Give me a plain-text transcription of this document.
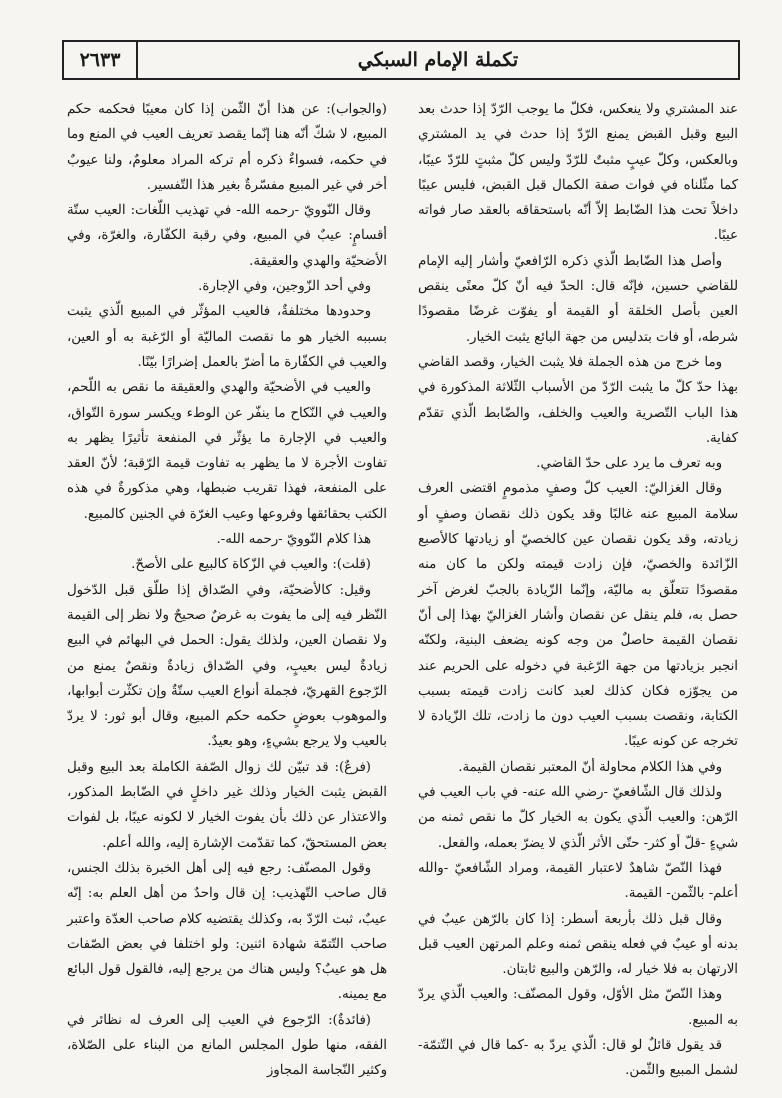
٢٦٣٣	تكملة الإمام السبكي

عند المشتري ولا ينعكس، فكلّ ما يوجب الرّدّ إذا حدث بعد البيع وقبل القبض يمنع الرّدّ إذا حدث في يد المشتري وبالعكس، وكلّ عيبٍ مثبتٌ للرّدّ وليس كلّ مثبتٍ للرّدّ عيبًا، كما مثّلناه في فوات صفة الكمال قبل القبض، فليس عيبًا داخلاً تحت هذا الضّابط إلاّ أنّه باستحقاقه بالعقد صار فواته عيبًا.

وأصل هذا الضّابط الّذي ذكره الرّافعيّ وأشار إليه الإمام للقاضي حسين، فإنّه قال: الحدّ فيه أنّ كلّ معنًى ينقص العين بأصل الخلقة أو القيمة أو يفوّت غرضًا مقصودًا شرطه، أو فات بتدليس من جهة البائع يثبت الخيار.

وما خرج من هذه الجملة فلا يثبت الخيار، وقصد القاضي بهذا حدّ كلّ ما يثبت الرّدّ من الأسباب الثّلاثة المذكورة في هذا الباب التّصرية والعيب والخلف، والضّابط الّذي تقدّم كفاية.

وبه تعرف ما يرد على حدّ القاضي.

وقال الغزاليّ: العيب كلّ وصفٍ مذمومٍ اقتضى العرف سلامة المبيع عنه غالبًا وقد يكون ذلك نقصان وصفٍ أو زيادته، وقد يكون نقصان عين كالخصيّ أو زيادتها كالأصبع الزّائدة والخصيّ، فإن زادت قيمته ولكن ما كان منه مقصودًا تتعلّق به ماليّة، وإنّما الزّيادة بالجبّ لغرض آخر حصل به، فلم ينقل عن نقصان وأشار الغزاليّ بهذا إلى أنّ نقصان القيمة حاصلٌ من وجه كونه يضعف البنية، ولكنّه انجبر بزيادتها من جهة الرّغبة في دخوله على الحريم عند من يجوّزه فكان كذلك لعبد كانت زادت قيمته بسبب الكتابة، ونقصت بسبب العيب دون ما زادت، تلك الزّيادة لا تخرجه عن كونه عيبًا.

وفي هذا الكلام محاولة أنّ المعتبر نقصان القيمة.

ولذلك قال الشّافعيّ -رضي الله عنه- في باب العيب في الرّهن: والعيب الّذي يكون به الخيار كلّ ما نقص ثمنه من شيءٍ -قلّ أو كثر- حتّى الأثر الّذي لا يضرّ بعمله، والفعل.

فهذا النّصّ شاهدٌ لاعتبار القيمة، ومراد الشّافعيّ -والله أعلم- بالثّمن- القيمة.

وقال قبل ذلك بأربعة أسطر: إذا كان بالرّهن عيبٌ في بدنه أو عيبٌ في فعله ينقص ثمنه وعلم المرتهن العيب قبل الارتهان به فلا خيار له، والرّهن والبيع ثابتان.

وهذا النّصّ مثل الأوّل، وقول المصنّف: والعيب الّذي يردّ به المبيع.

قد يقول قائلٌ لو قال: الّذي يردّ به -كما قال في التّتمّة- لشمل المبيع والثّمن.

(والجواب): عن هذا أنّ الثّمن إذا كان معيبًا فحكمه حكم المبيع، لا شكّ أنّه هنا إنّما يقصد تعريف العيب في المنع وما في حكمه، فسواءٌ ذكره أم تركه المراد معلومٌ، ولنا عيوبٌ أخر في غير المبيع مفسّرةٌ بغير هذا التّفسير.

وقال النّوويّ -رحمه الله- في تهذيب اللّغات: العيب ستّة أقسامٍ: عيبٌ في المبيع، وفي رقبة الكفّارة، والغرّة، وفي الأضحيّة والهدي والعقيقة.

وفي أحد الزّوجين، وفي الإجارة.

وحدودها مختلفةٌ، فالعيب المؤثّر في المبيع الّذي يثبت بسببه الخيار هو ما نقصت الماليّة أو الرّغبة به أو العين، والعيب في الكفّارة ما أضرّ بالعمل إضرارًا بيّنًا.

والعيب في الأضحيّة والهدي والعقيقة ما نقص به اللّحم، والعيب في النّكاح ما ينفّر عن الوطء ويكسر سورة التّواق، والعيب في الإجارة ما يؤثّر في المنفعة تأثيرًا يظهر به تفاوت الأجرة لا ما يظهر به تفاوت قيمة الرّقبة؛ لأنّ العقد على المنفعة، فهذا تقريب ضبطها، وهي مذكورةٌ في هذه الكتب بحقائقها وفروعها وعيب الغرّة في الجنين كالمبيع.

هذا كلام النّوويّ -رحمه الله-.

(قلت): والعيب في الزّكاة كالبيع على الأصحّ.

وقيل: كالأضحيّة، وفي الصّداق إذا طلّق قبل الدّخول النّظر فيه إلى ما يفوت به غرضٌ صحيحٌ ولا نظر إلى القيمة ولا نقصان العين، ولذلك يقول: الحمل في البهائم في البيع زيادةٌ ليس بعيبٍ، وفي الصّداق زيادةٌ ونقصٌ يمنع من الرّجوع القهريّ، فجملة أنواع العيب ستّةٌ وإن تكثّرت أبوابها، والموهوب بعوضٍ حكمه حكم المبيع، وقال أبو ثور: لا يردّ بالعيب ولا يرجع بشيءٍ، وهو بعيدٌ.

(فرعٌ): قد تبيّن لك زوال الصّفة الكاملة بعد البيع وقبل القبض يثبت الخيار وذلك غير داخلٍ في الضّابط المذكور، والاعتذار عن ذلك بأن يفوت الخيار لا لكونه عيبًا، بل لفوات بعض المستحقّ، كما تقدّمت الإشارة إليه، والله أعلم.

وقول المصنّف: رجع فيه إلى أهل الخبرة بذلك الجنس، قال صاحب التّهذيب: إن قال واحدٌ من أهل العلم به: إنّه عيبٌ، ثبت الرّدّ به، وكذلك يقتضيه كلام صاحب العدّة واعتبر صاحب التّتمّة شهادة اثنين: ولو اختلفا في بعض الصّفات هل هو عيبٌ؟ وليس هناك من يرجع إليه، فالقول قول البائع مع يمينه.

(فائدةٌ): الرّجوع في العيب إلى العرف له نظائر في الفقه، منها طول المجلس المانع من البناء على الصّلاة، وكثير النّجاسة المجاوز
